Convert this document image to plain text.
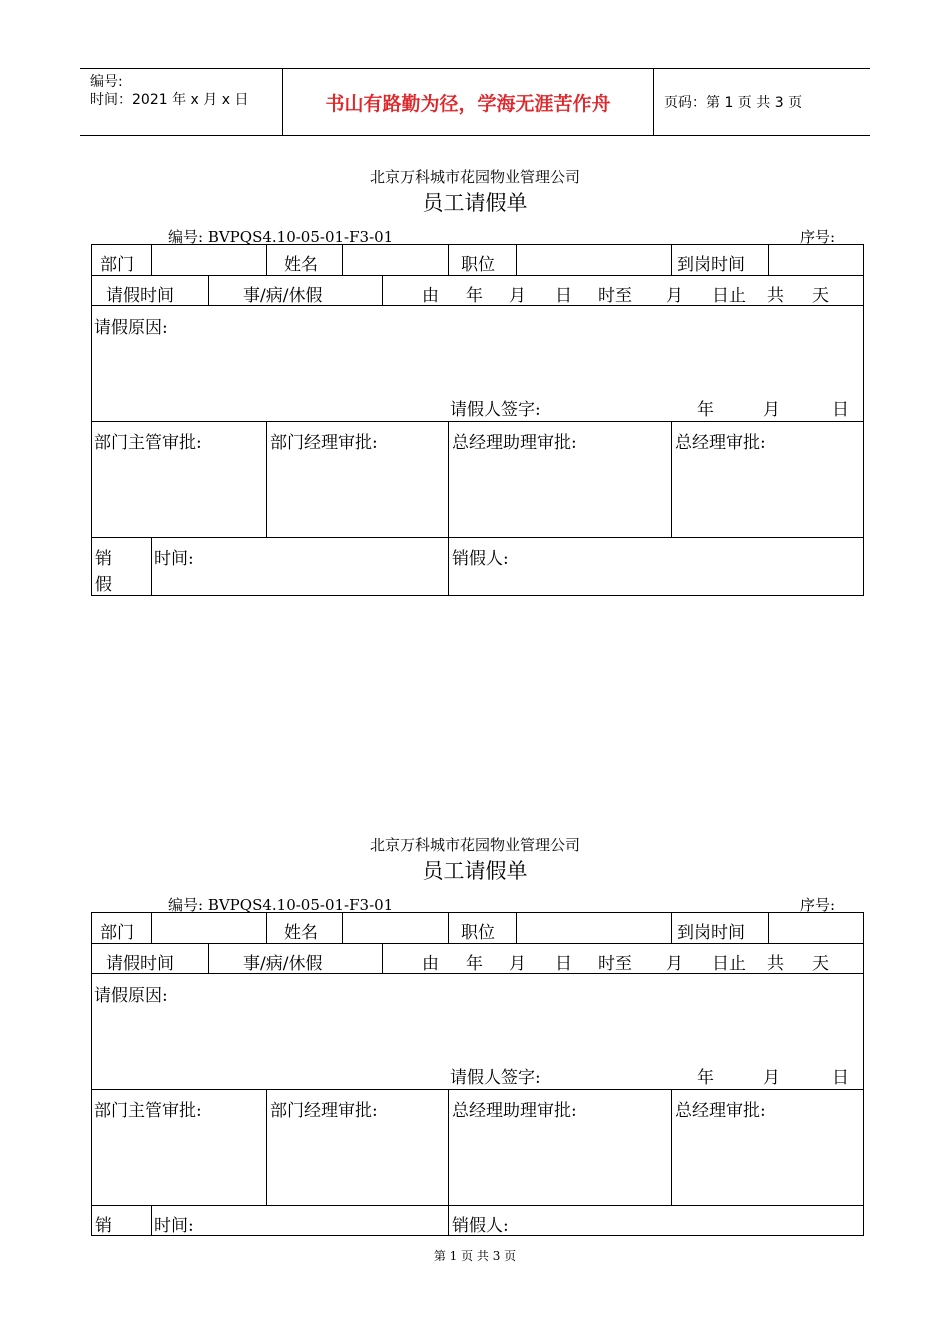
编号:
时间：2021 年 x 月 x 日	书山有路勤为径，学海无涯苦作舟	页码：第 1 页 共 3 页
北京万科城市花园物业管理公司
员工请假单
编号: BVPQS4.10-05-01-F3-01	序号:
部门	姓名	职位	到岗时间
请假时间	事/病/休假	由 年 月 日 时至 月 日止 共 天
请假原因:
请假人签字:	年	月	日
部门主管审批:	部门经理审批:	总经理助理审批:	总经理审批:
销
假
时间:	销假人:
北京万科城市花园物业管理公司
员工请假单
编号: BVPQS4.10-05-01-F3-01	序号:
部门	姓名	职位	到岗时间
请假时间	事/病/休假	由 年 月 日 时至 月 日止 共 天
请假原因:
请假人签字:	年	月	日
部门主管审批:	部门经理审批:	总经理助理审批:	总经理审批:
销 时间:	销假人:
第 1 页 共 3 页
